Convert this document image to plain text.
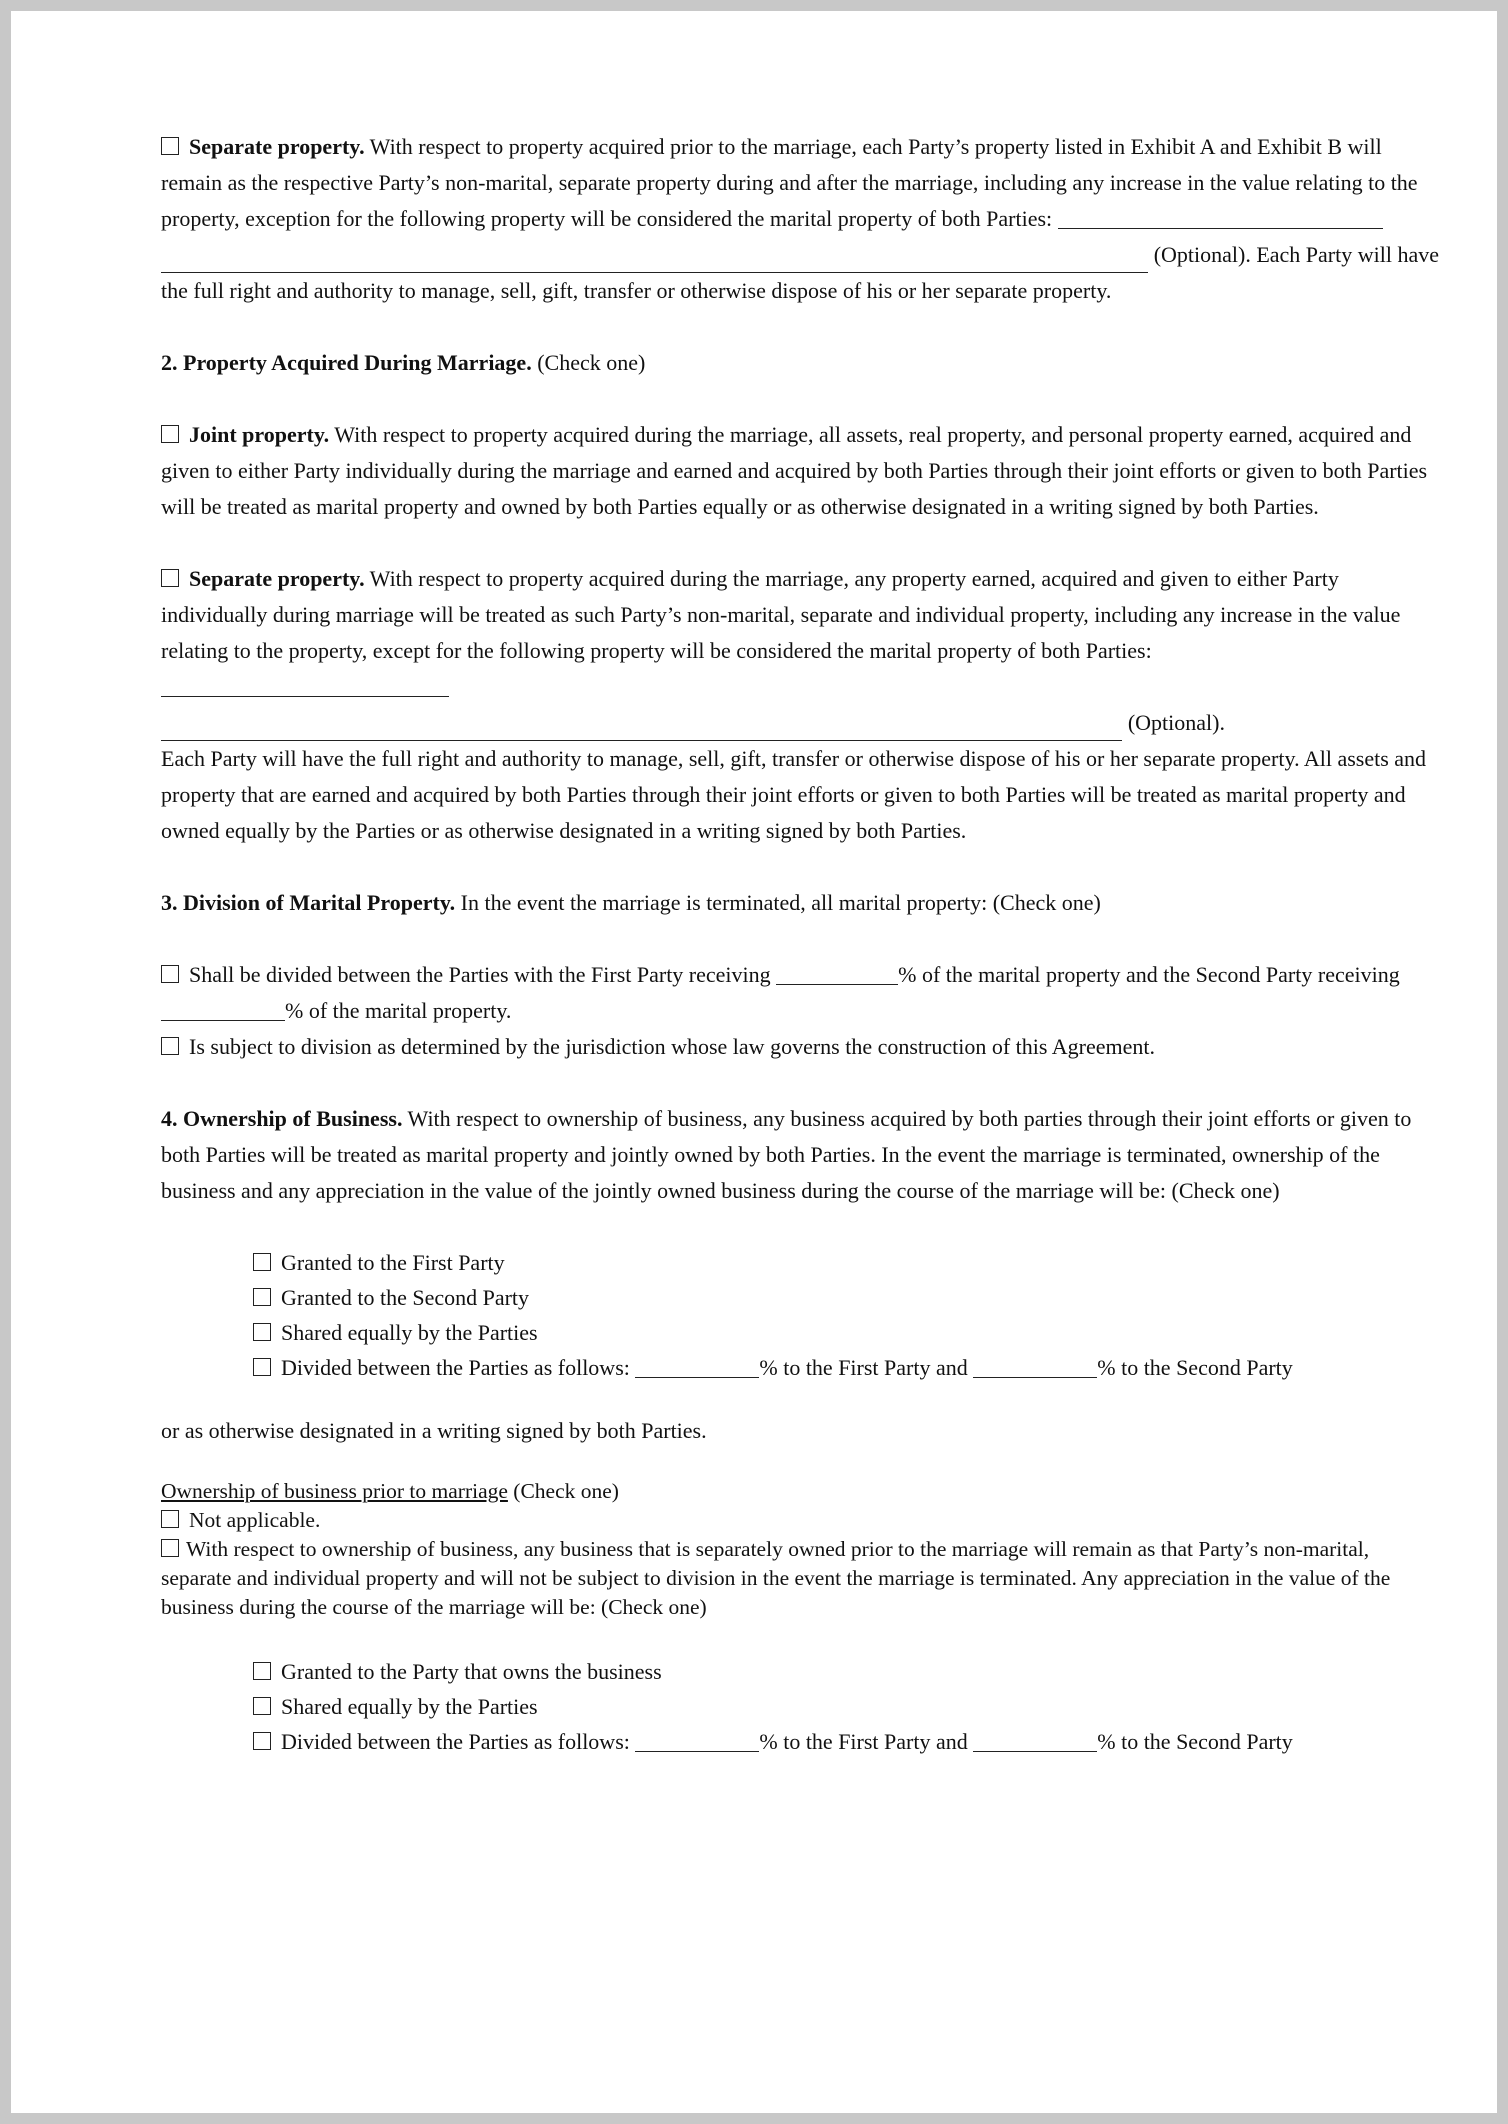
Separate property. With respect to property acquired prior to the marriage, each Party’s property listed in Exhibit A and Exhibit B will remain as the respective Party’s non-marital, separate property during and after the marriage, including any increase in the value relating to the property, exception for the following property will be considered the marital property of both Parties:
(Optional). Each Party will have
the full right and authority to manage, sell, gift, transfer or otherwise dispose of his or her separate property.
2. Property Acquired During Marriage. (Check one)
Joint property. With respect to property acquired during the marriage, all assets, real property, and personal property earned, acquired and given to either Party individually during the marriage and earned and acquired by both Parties through their joint efforts or given to both Parties will be treated as marital property and owned by both Parties equally or as otherwise designated in a writing signed by both Parties.
Separate property. With respect to property acquired during the marriage, any property earned, acquired and given to either Party individually during marriage will be treated as such Party’s non-marital, separate and individual property, including any increase in the value relating to the property, except for the following property will be considered the marital property of both Parties:
(Optional).
Each Party will have the full right and authority to manage, sell, gift, transfer or otherwise dispose of his or her separate property. All assets and property that are earned and acquired by both Parties through their joint efforts or given to both Parties will be treated as marital property and owned equally by the Parties or as otherwise designated in a writing signed by both Parties.
3. Division of Marital Property. In the event the marriage is terminated, all marital property: (Check one)
Shall be divided between the Parties with the First Party receiving	% of the marital property and the Second Party receiving % of the marital property.
Is subject to division as determined by the jurisdiction whose law governs the construction of this Agreement.
4. Ownership of Business. With respect to ownership of business, any business acquired by both parties through their joint efforts or given to both Parties will be treated as marital property and jointly owned by both Parties. In the event the marriage is terminated, ownership of the business and any appreciation in the value of the jointly owned business during the course of the marriage will be: (Check one)
Granted to the First Party
Granted to the Second Party
Shared equally by the Parties
Divided between the Parties as follows:	% to the First Party and	% to the Second Party
or as otherwise designated in a writing signed by both Parties.
Ownership of business prior to marriage (Check one)
Not applicable.
With respect to ownership of business, any business that is separately owned prior to the marriage will remain as that Party’s non-marital, separate and individual property and will not be subject to division in the event the marriage is terminated. Any appreciation in the value of the business during the course of the marriage will be: (Check one)
Granted to the Party that owns the business
Shared equally by the Parties
Divided between the Parties as follows:	% to the First Party and	% to the Second Party
